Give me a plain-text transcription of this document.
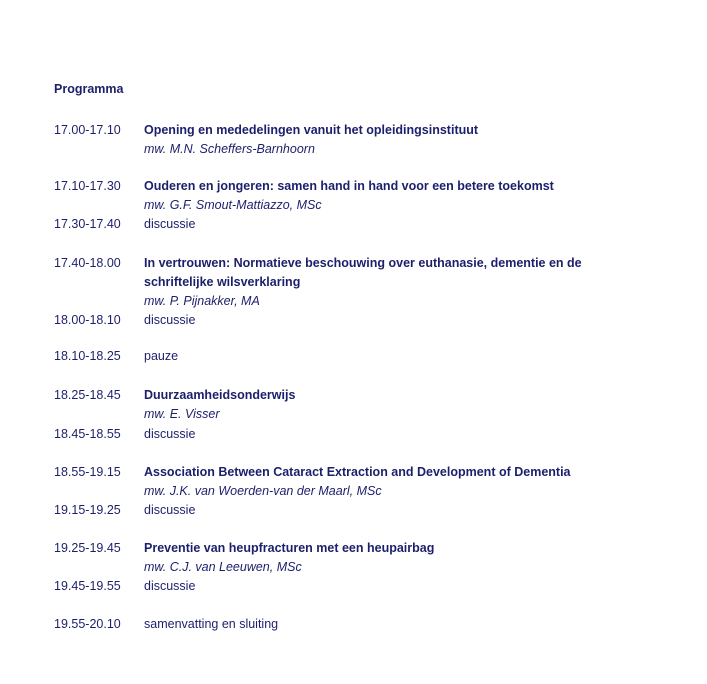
Programma
17.00-17.10	Opening en mededelingen vanuit het opleidingsinstituut
mw. M.N. Scheffers-Barnhoorn
17.10-17.30	Ouderen en jongeren: samen hand in hand voor een betere toekomst
mw. G.F. Smout-Mattiazzo, MSc
17.30-17.40	discussie
17.40-18.00	In vertrouwen: Normatieve beschouwing over euthanasie, dementie en de
schriftelijke wilsverklaring
mw. P. Pijnakker, MA
18.00-18.10	discussie
18.10-18.25	pauze
18.25-18.45	Duurzaamheidsonderwijs
mw. E. Visser
18.45-18.55	discussie
18.55-19.15	Association Between Cataract Extraction and Development of Dementia
mw. J.K. van Woerden-van der Maarl, MSc
19.15-19.25	discussie
19.25-19.45	Preventie van heupfracturen met een heupairbag
mw. C.J. van Leeuwen, MSc
19.45-19.55	discussie
19.55-20.10	samenvatting en sluiting
